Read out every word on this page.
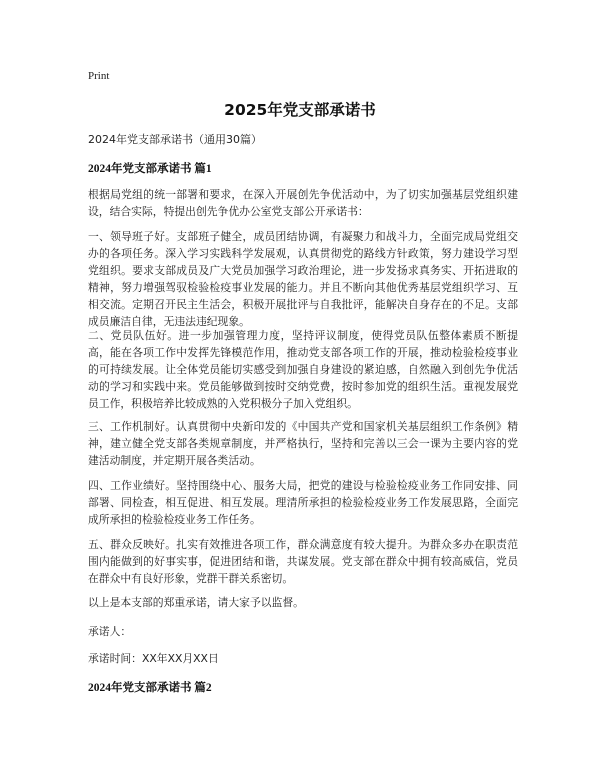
Print
2025年党支部承诺书
2024年党支部承诺书（通用30篇）
2024年党支部承诺书 篇1

根据局党组的统一部署和要求，在深入开展创先争优活动中，为了切实加强基层党组织建设，结合实际，特提出创先争优办公室党支部公开承诺书：

一、领导班子好。支部班子健全，成员团结协调，有凝聚力和战斗力，全面完成局党组交办的各项任务。深入学习实践科学发展观，认真贯彻党的路线方针政策，努力建设学习型党组织。要求支部成员及广大党员加强学习政治理论，进一步发扬求真务实、开拓进取的精神，努力增强驾驭检验检疫事业发展的能力。并且不断向其他优秀基层党组织学习、互相交流。定期召开民主生活会，积极开展批评与自我批评，能解决自身存在的不足。支部成员廉洁自律，无违法违纪现象。

二、党员队伍好。进一步加强管理力度，坚持评议制度，使得党员队伍整体素质不断提高，能在各项工作中发挥先锋模范作用，推动党支部各项工作的开展，推动检验检疫事业的可持续发展。让全体党员能切实感受到加强自身建设的紧迫感，自然融入到创先争优活动的学习和实践中来。党员能够做到按时交纳党费，按时参加党的组织生活。重视发展党员工作，积极培养比较成熟的入党积极分子加入党组织。

三、工作机制好。认真贯彻中央新印发的《中国共产党和国家机关基层组织工作条例》精神，建立健全党支部各类规章制度，并严格执行，坚持和完善以三会一课为主要内容的党建活动制度，并定期开展各类活动。

四、工作业绩好。坚持围绕中心、服务大局，把党的建设与检验检疫业务工作同安排、同部署、同检查，相互促进、相互发展。理清所承担的检验检疫业务工作发展思路，全面完成所承担的检验检疫业务工作任务。

五、群众反映好。扎实有效推进各项工作，群众满意度有较大提升。为群众多办在职责范围内能做到的好事实事，促进团结和谐，共谋发展。党支部在群众中拥有较高威信，党员在群众中有良好形象，党群干群关系密切。

以上是本支部的郑重承诺，请大家予以监督。
承诺人：
承诺时间：XX年XX月XX日
2024年党支部承诺书 篇2
